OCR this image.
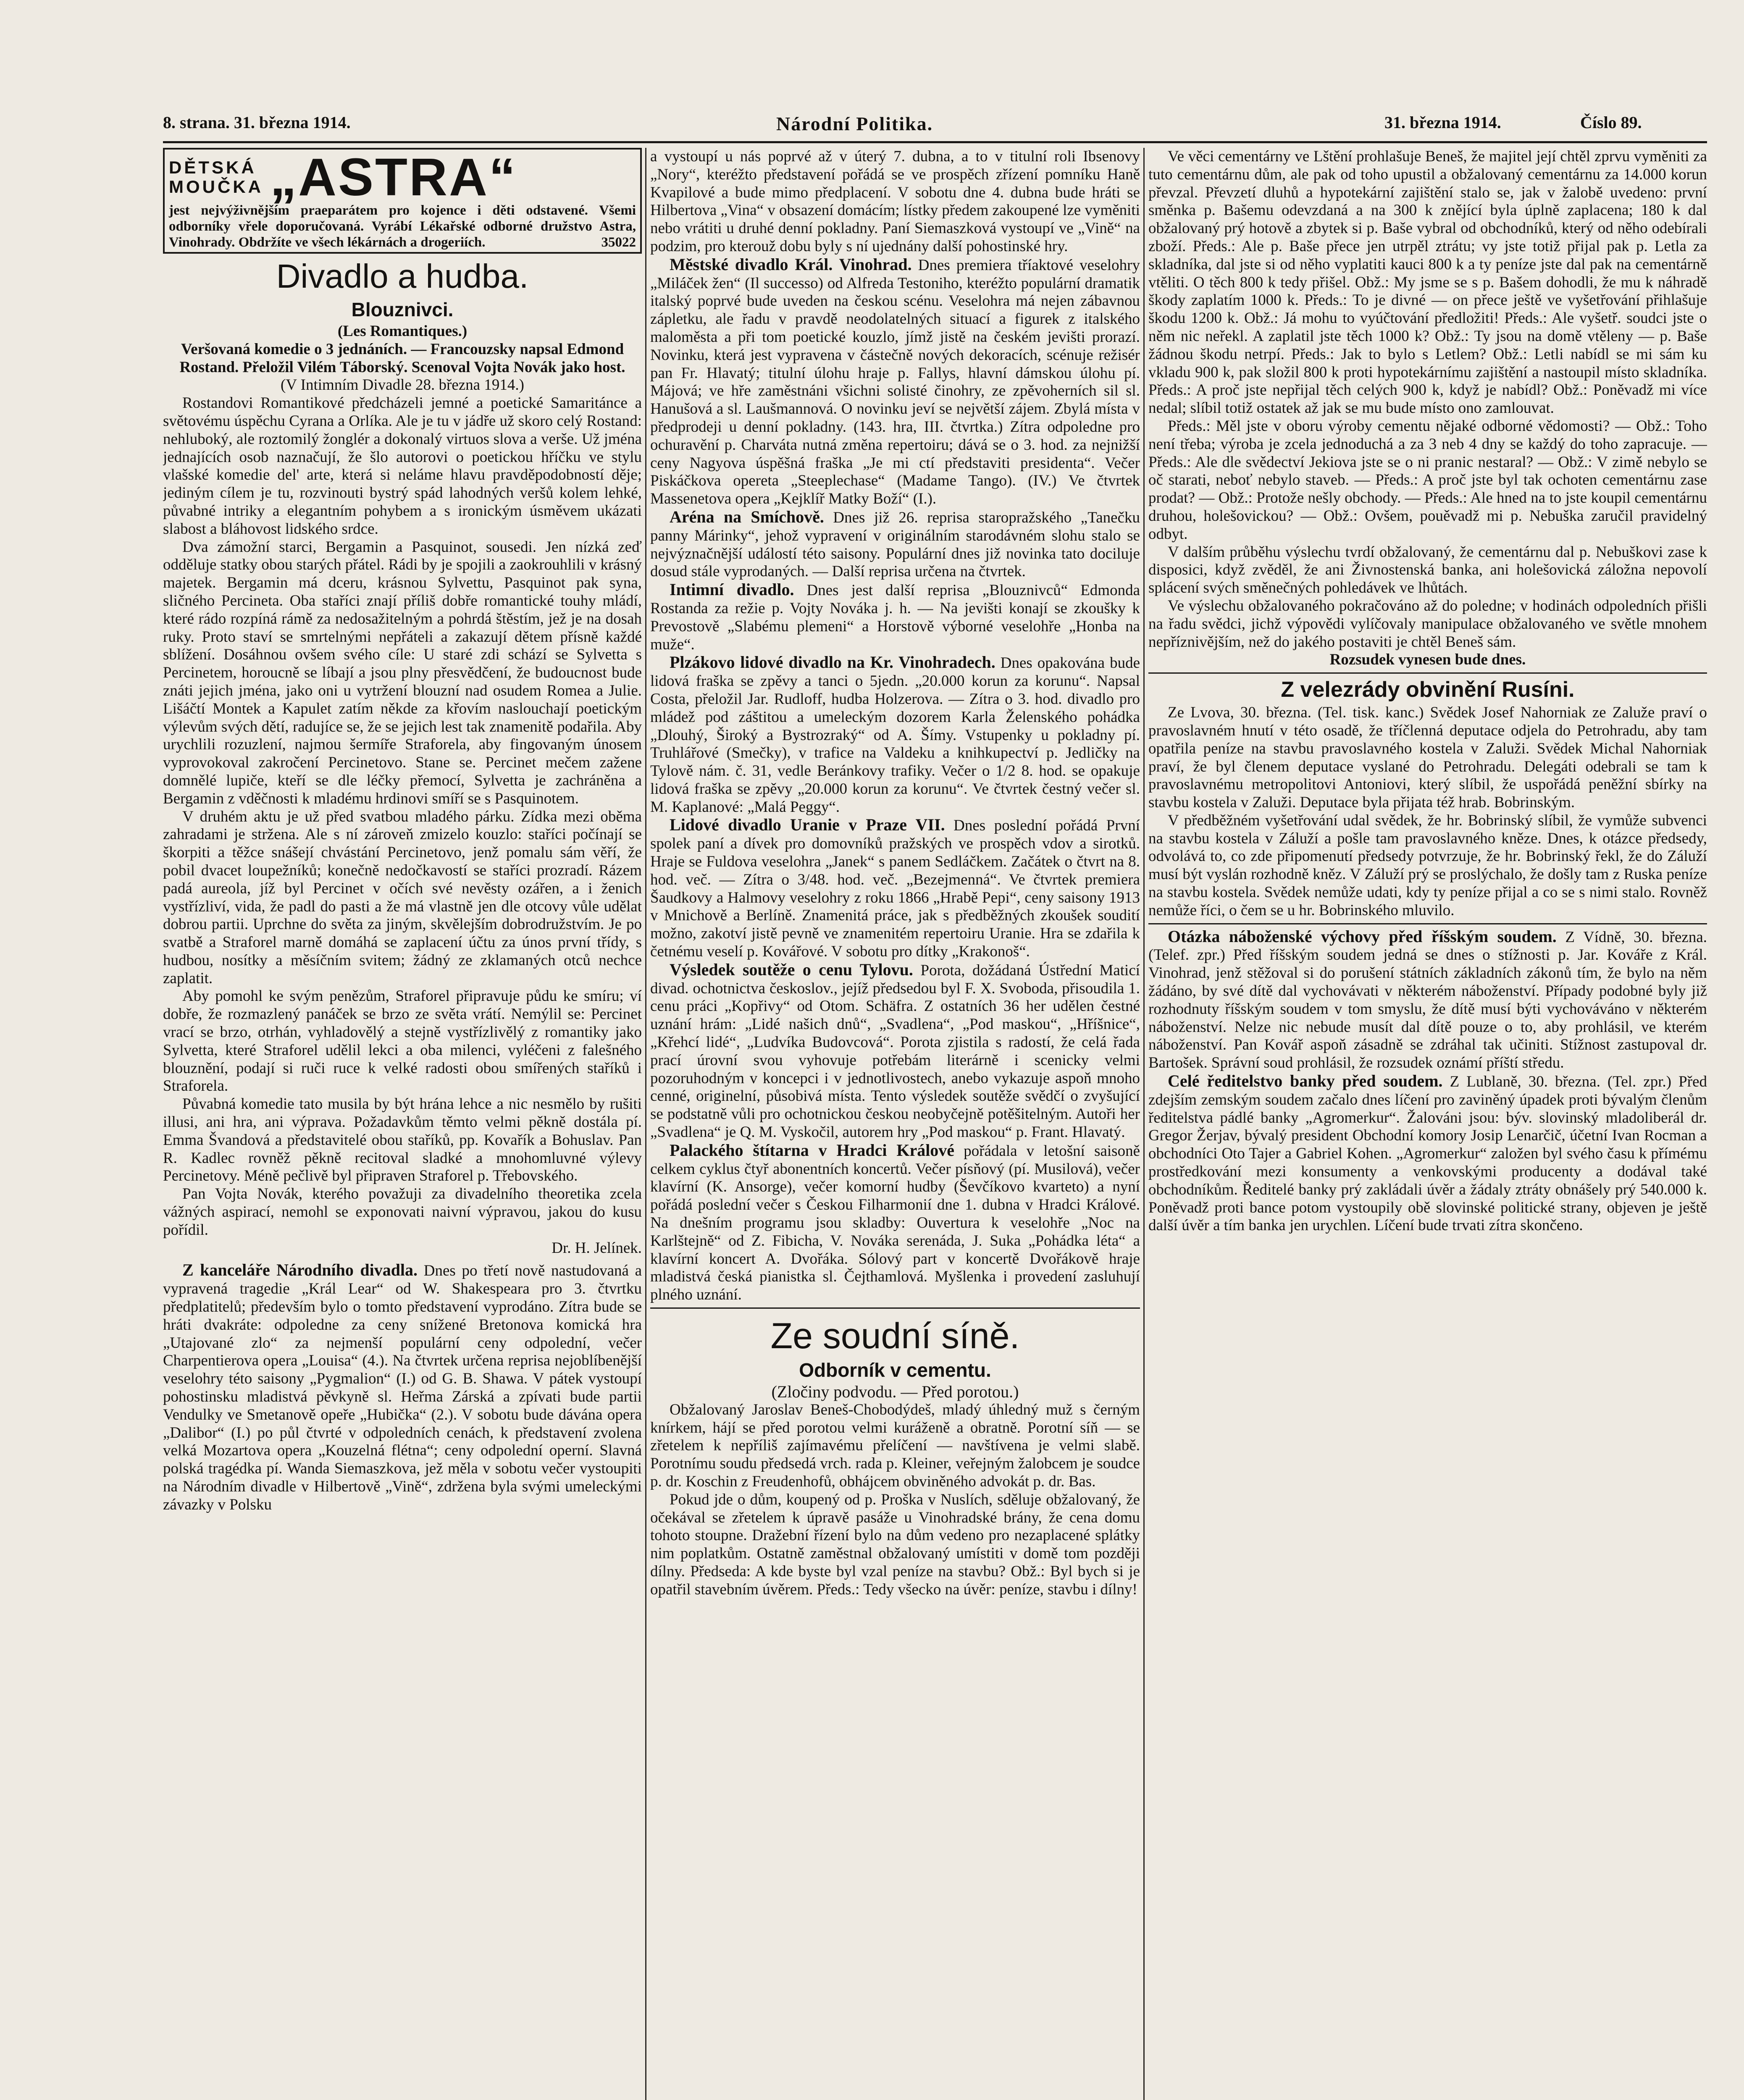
8. strana. 31. března 1914.	Národní Politika.	31. března 1914.	Číslo 89.
DĚTSKÁ
MOUČKA „ASTRA“

jest nejvýživnějším praeparátem pro kojence i děti odstavené. Všemi odborníky vřele doporučovaná. Vyrábí Lékařské odborné družstvo Astra, Vinohrady. Obdržíte ve všech lékárnách a drogeriích.	35022

Divadlo a hudba.
Blouznivci.
(Les Romantiques.)

Veršovaná komedie o 3 jednáních. — Francouzsky napsal Edmond Rostand. Přeložil Vilém Táborský. Scenoval Vojta Novák jako host.

(V Intimním Divadle 28. března 1914.)

Rostandovi Romantikové předcházeli jemné a poetické Samaritánce a světovému úspěchu Cyrana a Orlíka. Ale je tu v jádře už skoro celý Rostand: nehluboký, ale roztomilý žonglér a dokonalý virtuos slova a verše. Už jména jednajících osob naznačují, že šlo autorovi o poetickou hříčku ve stylu vlašské komedie del' arte, která si neláme hlavu pravděpodobností děje; jediným cílem je tu, rozvinouti bystrý spád lahodných veršů kolem lehké, půvabné intriky a elegantním pohybem a s ironickým úsměvem ukázati slabost a bláhovost lidského srdce.

Dva zámožní starci, Bergamin a Pasquinot, sousedi. Jen nízká zeď odděluje statky obou starých přátel. Rádi by je spojili a zaokrouhlili v krásný majetek. Bergamin má dceru, krásnou Sylvettu, Pasquinot pak syna, sličného Percineta. Oba staříci znají příliš dobře romantické touhy mládí, které rádo rozpíná rámě za nedosažitelným a pohrdá štěstím, jež je na dosah ruky. Proto staví se smrtelnými nepřáteli a zakazují dětem přísně každé sblížení. Dosáhnou ovšem svého cíle: U staré zdi schází se Sylvetta s Percinetem, horoucně se líbají a jsou plny přesvědčení, že budoucnost bude znáti jejich jména, jako oni u vytržení blouzní nad osudem Romea a Julie. Lišáčtí Montek a Kapulet zatím někde za křovím naslouchají poetickým výlevům svých dětí, radujíce se, že se jejich lest tak znamenitě podařila. Aby urychlili rozuzlení, najmou šermíře Straforela, aby fingovaným únosem vyprovokoval zakročení Percinetovo. Stane se. Percinet mečem zažene domnělé lupiče, kteří se dle léčky přemocí, Sylvetta je zachráněna a Bergamin z vděčnosti k mladému hrdinovi smíří se s Pasquinotem.

V druhém aktu je už před svatbou mladého párku. Zídka mezi oběma zahradami je stržena. Ale s ní zároveň zmizelo kouzlo: staříci počínají se škorpiti a těžce snášejí chvástání Percinetovo, jenž pomalu sám věří, že pobil dvacet loupežníků; konečně nedočkavostí se staříci prozradí. Rázem padá aureola, jíž byl Percinet v očích své nevěsty ozářen, a i ženich vystřízliví, vida, že padl do pasti a že má vlastně jen dle otcovy vůle udělat dobrou partii. Uprchne do světa za jiným, skvělejším dobrodružstvím. Je po svatbě a Straforel marně domáhá se zaplacení účtu za únos první třídy, s hudbou, nosítky a měsíčním svitem; žádný ze zklamaných otců nechce zaplatit.

Aby pomohl ke svým penězům, Straforel připravuje půdu ke smíru; ví dobře, že rozmazlený panáček se brzo ze světa vrátí. Nemýlil se: Percinet vrací se brzo, otrhán, vyhladovělý a stejně vystřízlivělý z romantiky jako Sylvetta, které Straforel udělil lekci a oba milenci, vyléčeni z falešného blouznění, podají si ruči ruce k velké radosti obou smířených staříků i Straforela.

Půvabná komedie tato musila by být hrána lehce a nic nesmělo by rušiti illusi, ani hra, ani výprava. Požadavkům těmto velmi pěkně dostála pí. Emma Švandová a představitelé obou staříků, pp. Kovařík a Bohuslav. Pan R. Kadlec rovněž pěkně recitoval sladké a mnohomluvné výlevy Percinetovy. Méně pečlivě byl připraven Straforel p. Třebovského.

Pan Vojta Novák, kterého považuji za divadelního theoretika zcela vážných aspirací, nemohl se exponovati naivní výpravou, jakou do kusu pořídil.

Dr. H. Jelínek.

Z kanceláře Národního divadla. Dnes po třetí nově nastudovaná a vypravená tragedie „Král Lear“ od W. Shakespeara pro 3. čtvrtku předplatitelů; především bylo o tomto představení vyprodáno. Zítra bude se hráti dvakráte: odpoledne za ceny snížené Bretonova komická hra „Utajované zlo“ za nejmenší populární ceny odpolední, večer Charpentierova opera „Louisa“ (4.). Na čtvrtek určena reprisa nejoblíbenější veselohry této saisony „Pygmalion“ (I.) od G. B. Shawa. V pátek vystoupí pohostinsku mladistvá pěvkyně sl. Heřma Zárská a zpívati bude partii Vendulky ve Smetanově opeře „Hubička“ (2.). V sobotu bude dávána opera „Dalibor“ (I.) po půl čtvrté v odpoledních cenách, k představení zvolena velká Mozartova opera „Kouzelná flétna“; ceny odpolední operní. Slavná polská tragédka pí. Wanda Siemaszkova, jež měla v sobotu večer vystoupiti na Národním divadle v Hilbertově „Vině“, zdržena byla svými umeleckými závazky v Polsku

a vystoupí u nás poprvé až v úterý 7. dubna, a to v titulní roli Ibsenovy „Nory“, kteréžto představení pořádá se ve prospěch zřízení pomníku Haně Kvapilové a bude mimo předplacení. V sobotu dne 4. dubna bude hráti se Hilbertova „Vina“ v obsazení domácím; lístky předem zakoupené lze vyměniti nebo vrátiti u druhé denní pokladny. Paní Siemaszková vystoupí ve „Vině“ na podzim, pro kterouž dobu byly s ní ujednány další pohostinské hry.

Městské divadlo Král. Vinohrad. Dnes premiera tříaktové veselohry „Miláček žen“ (Il successo) od Alfreda Testoniho, kteréžto populární dramatik italský poprvé bude uveden na českou scénu. Veselohra má nejen zábavnou zápletku, ale řadu v pravdě neodolatelných situací a figurek z italského maloměsta a při tom poetické kouzlo, jímž jistě na českém jevišti prorazí. Novinku, která jest vypravena v částečně nových dekoracích, scénuje režisér pan Fr. Hlavatý; titulní úlohu hraje p. Fallys, hlavní dámskou úlohu pí. Májová; ve hře zaměstnáni všichni solisté činohry, ze zpěvoherních sil sl. Hanušová a sl. Laušmannová. O novinku jeví se největší zájem. Zbylá místa v předprodeji u denní pokladny. (143. hra, III. čtvrtka.) Zítra odpoledne pro ochuravění p. Charváta nutná změna repertoiru; dává se o 3. hod. za nejnižší ceny Nagyova úspěšná fraška „Je mi ctí představiti presidenta“. Večer Piskáčkova opereta „Steeplechase“ (Madame Tango). (IV.) Ve čtvrtek Massenetova opera „Kejklíř Matky Boží“ (I.).

Aréna na Smíchově. Dnes již 26. reprisa staropražského „Tanečku panny Márinky“, jehož vypravení v originálním starodávném slohu stalo se nejvýznačnější událostí této saisony. Populární dnes již novinka tato dociluje dosud stále vyprodaných. — Další reprisa určena na čtvrtek.

Intimní divadlo. Dnes jest další reprisa „Blouznivců“ Edmonda Rostanda za režie p. Vojty Nováka j. h. — Na jevišti konají se zkoušky k Prevostově „Slabému plemeni“ a Horstově výborné veselohře „Honba na muže“.

Plzákovo lidové divadlo na Kr. Vinohradech. Dnes opakována bude lidová fraška se zpěvy a tanci o 5jedn. „20.000 korun za korunu“. Napsal Costa, přeložil Jar. Rudloff, hudba Holzerova. — Zítra o 3. hod. divadlo pro mládež pod záštitou a umeleckým dozorem Karla Želenského pohádka „Dlouhý, Široký a Bystrozraký“ od A. Šímy. Vstupenky u pokladny pí. Truhlářové (Smečky), v trafice na Valdeku a knihkupectví p. Jedličky na Tylově nám. č. 31, vedle Beránkovy trafiky. Večer o 1/2 8. hod. se opakuje lidová fraška se zpěvy „20.000 korun za korunu“. Ve čtvrtek čestný večer sl. M. Kaplanové: „Malá Peggy“.

Lidové divadlo Uranie v Praze VII. Dnes poslední pořádá První spolek paní a dívek pro domovníků pražských ve prospěch vdov a sirotků. Hraje se Fuldova veselohra „Janek“ s panem Sedláčkem. Začátek o čtvrt na 8. hod. več. — Zítra o 3/48. hod. več. „Bezejmenná“. Ve čtvrtek premiera Šaudkovy a Halmovy veselohry z roku 1866 „Hrabě Pepi“, ceny saisony 1913 v Mnichově a Berlíně. Znamenitá práce, jak s předběžných zkoušek soudití možno, zakotví jistě pevně ve znamenitém repertoiru Uranie. Hra se zdařila k četnému veselí p. Kovářové. V sobotu pro dítky „Krakonoš“.

Výsledek soutěže o cenu Tylovu. Porota, dožádaná Ústřední Maticí divad. ochotnictva českoslov., jejíž předsedou byl F. X. Svoboda, přisoudila 1. cenu práci „Kopřivy“ od Otom. Schäfra. Z ostatních 36 her udělen čestné uznání hrám: „Lidé našich dnů“, „Svadlena“, „Pod maskou“, „Hříšnice“, „Křehcí lidé“, „Ludvíka Budovcová“. Porota zjistila s radostí, že celá řada prací úrovní svou vyhovuje potřebám literárně i scenicky velmi pozoruhodným v koncepci i v jednotlivostech, anebo vykazuje aspoň mnoho cenné, originelní, působivá místa. Tento výsledek soutěže svědčí o zvyšující se podstatně vůli pro ochotnickou českou neobyčejně potěšitelným. Autoři her „Svadlena“ je Q. M. Vyskočil, autorem hry „Pod maskou“ p. Frant. Hlavatý.

Palackého štítarna v Hradci Králové pořádala v letošní saisoně celkem cyklus čtyř abonentních koncertů. Večer písňový (pí. Musilová), večer klavírní (K. Ansorge), večer komorní hudby (Ševčíkovo kvarteto) a nyní pořádá poslední večer s Českou Filharmonií dne 1. dubna v Hradci Králové. Na dnešním programu jsou skladby: Ouvertura k veselohře „Noc na Karlštejně“ od Z. Fibicha, V. Nováka serenáda, J. Suka „Pohádka léta“ a klavírní koncert A. Dvořáka. Sólový part v koncertě Dvořákově hraje mladistvá česká pianistka sl. Čejthamlová. Myšlenka i provedení zasluhují plného uznání.

Ze soudní síně.
Odborník v cementu.
(Zločiny podvodu. — Před porotou.)

Obžalovaný Jaroslav Beneš-Chobodýdeš, mladý úhledný muž s černým knírkem, hájí se před porotou velmi kuráženě a obratně. Porotní síň — se zřetelem k nepříliš zajímavému přelíčení — navštívena je velmi slabě. Porotnímu soudu předsedá vrch. rada p. Kleiner, veřejným žalobcem je soudce p. dr. Koschin z Freudenhofů, obhájcem obviněného advokát p. dr. Bas.

Pokud jde o dům, koupený od p. Proška v Nuslích, sděluje obžalovaný, že očekával se zřetelem k úpravě pasáže u Vinohradské brány, že cena domu tohoto stoupne. Dražební řízení bylo na dům vedeno pro nezaplacené splátky nim poplatkům. Ostatně zaměstnal obžalovaný umístiti v domě tom později dílny. Předseda: A kde byste byl vzal peníze na stavbu? Obž.: Byl bych si je opatřil stavebním úvěrem. Předs.: Tedy všecko na úvěr: peníze, stavbu i dílny!

Ve věci cementárny ve Lštění prohlašuje Beneš, že majitel její chtěl zprvu vyměniti za tuto cementárnu dům, ale pak od toho upustil a obžalovaný cementárnu za 14.000 korun převzal. Převzetí dluhů a hypotekární zajištění stalo se, jak v žalobě uvedeno: první směnka p. Bašemu odevzdaná a na 300 k znějící byla úplně zaplacena; 180 k dal obžalovaný prý hotově a zbytek si p. Baše vybral od obchodníků, který od něho odebírali zboží. Předs.: Ale p. Baše přece jen utrpěl ztrátu; vy jste totiž přijal pak p. Letla za skladníka, dal jste si od něho vyplatiti kauci 800 k a ty peníze jste dal pak na cementárně vtěliti. O těch 800 k tedy přišel. Obž.: My jsme se s p. Bašem dohodli, že mu k náhradě škody zaplatím 1000 k. Předs.: To je divné — on přece ještě ve vyšetřování přihlašuje škodu 1200 k. Obž.: Já mohu to vyúčtování předložiti! Předs.: Ale vyšetř. soudci jste o něm nic neřekl. A zaplatil jste těch 1000 k? Obž.: Ty jsou na domě vtěleny — p. Baše žádnou škodu netrpí. Předs.: Jak to bylo s Letlem? Obž.: Letli nabídl se mi sám ku vkladu 900 k, pak složil 800 k proti hypotekárnímu zajištění a nastoupil místo skladníka. Předs.: A proč jste nepřijal těch celých 900 k, když je nabídl? Obž.: Poněvadž mi více nedal; slíbil totiž ostatek až jak se mu bude místo ono zamlouvat.

Předs.: Měl jste v oboru výroby cementu nějaké odborné vědomosti? — Obž.: Toho není třeba; výroba je zcela jednoduchá a za 3 neb 4 dny se každý do toho zapracuje. — Předs.: Ale dle svědectví Jekiova jste se o ni pranic nestaral? — Obž.: V zimě nebylo se oč starati, neboť nebylo staveb. — Předs.: A proč jste byl tak ochoten cementárnu zase prodat? — Obž.: Protože nešly obchody. — Předs.: Ale hned na to jste koupil cementárnu druhou, holešovickou? — Obž.: Ovšem, pouěvadž mi p. Nebuška zaručil pravidelný odbyt.

V dalším průběhu výslechu tvrdí obžalovaný, že cementárnu dal p. Nebuškovi zase k disposici, když zvěděl, že ani Živnostenská banka, ani holešovická záložna nepovolí splácení svých směnečných pohledávek ve lhůtách.

Ve výslechu obžalovaného pokračováno až do poledne; v hodinách odpoledních přišli na řadu svědci, jichž výpovědi vylíčovaly manipulace obžalovaného ve světle mnohem nepříznivějším, než do jakého postaviti je chtěl Beneš sám.

Rozsudek vynesen bude dnes.

Z velezrády obvinění Rusíni.

Ze Lvova, 30. března. (Tel. tisk. kanc.) Svědek Josef Nahorniak ze Zaluže praví o pravoslavném hnutí v této osadě, že tříčlenná deputace odjela do Petrohradu, aby tam opatřila peníze na stavbu pravoslavného kostela v Zaluži. Svědek Michal Nahorniak praví, že byl členem deputace vyslané do Petrohradu. Delegáti odebrali se tam k pravoslavnému metropolitovi Antoniovi, který slíbil, že uspořádá peněžní sbírky na stavbu kostela v Zaluži. Deputace byla přijata též hrab. Bobrinským.

V předběžném vyšetřování udal svědek, že hr. Bobrinský slíbil, že vymůže subvenci na stavbu kostela v Záluží a pošle tam pravoslavného kněze. Dnes, k otázce předsedy, odvolává to, co zde připomenutí předsedy potvrzuje, že hr. Bobrinský řekl, že do Záluží musí být vyslán rozhodně kněz. V Záluží prý se proslýchalo, že došly tam z Ruska peníze na stavbu kostela. Svědek nemůže udati, kdy ty peníze přijal a co se s nimi stalo. Rovněž nemůže říci, o čem se u hr. Bobrinského mluvilo.

Otázka náboženské výchovy před říšským soudem. Z Vídně, 30. března. (Telef. zpr.) Před říšským soudem jedná se dnes o stížnosti p. Jar. Kováře z Král. Vinohrad, jenž stěžoval si do porušení státních základních zákonů tím, že bylo na něm žádáno, by své dítě dal vychovávati v některém náboženství. Případy podobné byly již rozhodnuty říšským soudem v tom smyslu, že dítě musí býti vychováváno v některém náboženství. Nelze nic nebude musít dal dítě pouze o to, aby prohlásil, ve kterém náboženství. Pan Kovář aspoň zásadně se zdráhal tak učiniti. Stížnost zastupoval dr. Bartošek. Správní soud prohlásil, že rozsudek oznámí příští středu.

Celé ředitelstvo banky před soudem. Z Lublaně, 30. března. (Tel. zpr.) Před zdejším zemským soudem začalo dnes líčení pro zaviněný úpadek proti bývalým členům ředitelstva pádlé banky „Agromerkur“. Žalováni jsou: býv. slovinský mladoliberál dr. Gregor Žerjav, bývalý president Obchodní komory Josip Lenarčič, účetní Ivan Rocman a obchodníci Oto Tajer a Gabriel Kohen. „Agromerkur“ založen byl svého času k přímému prostředkování mezi konsumenty a venkovskými producenty a dodával také obchodníkům. Ředitelé banky prý zakládali úvěr a žádaly ztráty obnášely prý 540.000 k. Poněvadž proti bance potom vystoupily obě slovinské politické strany, objeven je ještě další úvěr a tím banka jen urychlen. Líčení bude trvati zítra skončeno.
